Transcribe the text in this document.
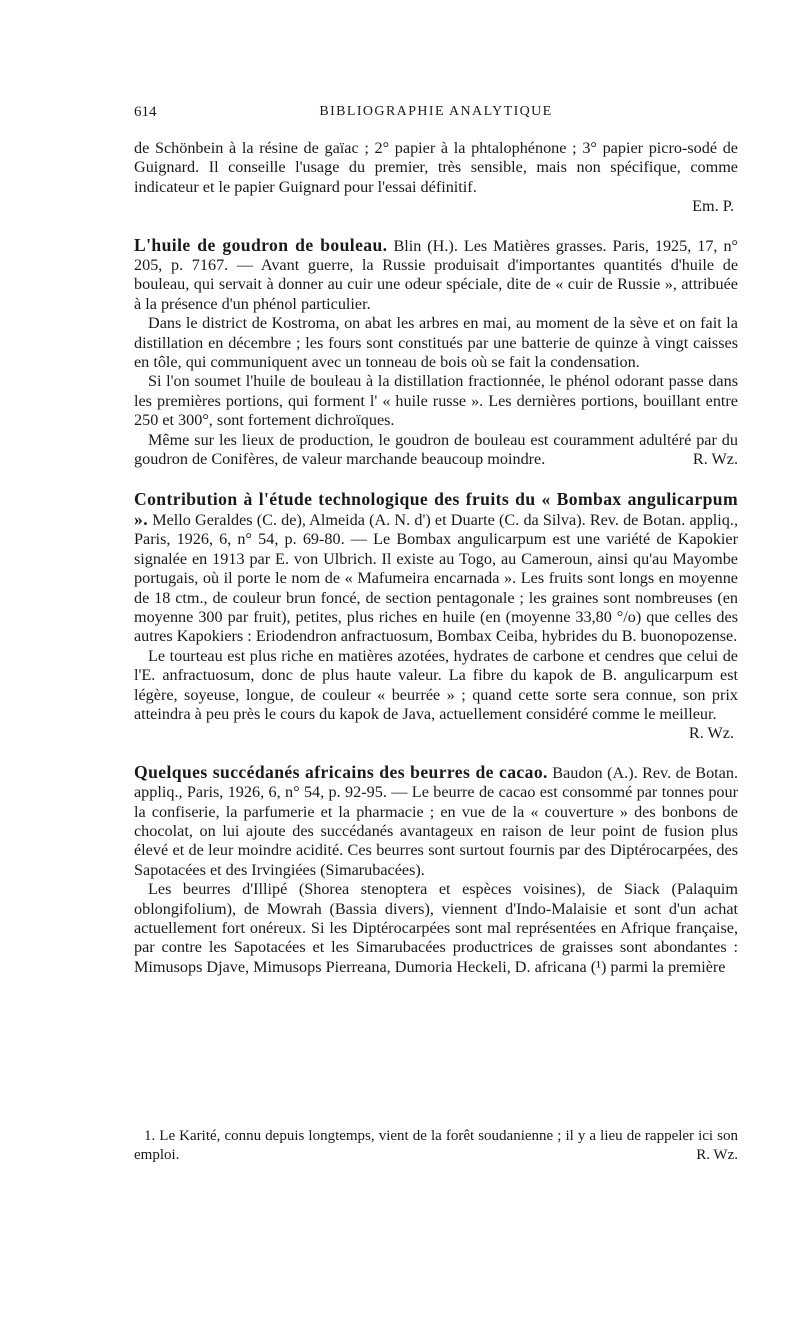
614	BIBLIOGRAPHIE ANALYTIQUE

de Schönbein à la résine de gaïac ; 2° papier à la phtalophénone ; 3° papier picro-sodé de Guignard. Il conseille l'usage du premier, très sensible, mais non spécifique, comme indicateur et le papier Guignard pour l'essai définitif.

Em. P.

L'huile de goudron de bouleau. Blin (H.). Les Matières grasses. Paris, 1925, 17, n° 205, p. 7167. — Avant guerre, la Russie produisait d'importantes quantités d'huile de bouleau, qui servait à donner au cuir une odeur spéciale, dite de « cuir de Russie », attribuée à la présence d'un phénol particulier.

Dans le district de Kostroma, on abat les arbres en mai, au moment de la sève et on fait la distillation en décembre ; les fours sont constitués par une batterie de quinze à vingt caisses en tôle, qui communiquent avec un tonneau de bois où se fait la condensation.

Si l'on soumet l'huile de bouleau à la distillation fractionnée, le phénol odorant passe dans les premières portions, qui forment l' « huile russe ». Les dernières portions, bouillant entre 250 et 300°, sont fortement dichroïques.

Même sur les lieux de production, le goudron de bouleau est couramment adultéré par du goudron de Conifères, de valeur marchande beaucoup moindre.	R. Wz.

Contribution à l'étude technologique des fruits du « Bombax angulicarpum ». Mello Geraldes (C. de), Almeida (A. N. d') et Duarte (C. da Silva). Rev. de Botan. appliq., Paris, 1926, 6, n° 54, p. 69-80. — Le Bombax angulicarpum est une variété de Kapokier signalée en 1913 par E. von Ulbrich. Il existe au Togo, au Cameroun, ainsi qu'au Mayombe portugais, où il porte le nom de « Mafumeira encarnada ». Les fruits sont longs en moyenne de 18 ctm., de couleur brun foncé, de section pentagonale ; les graines sont nombreuses (en moyenne 300 par fruit), petites, plus riches en huile (en (moyenne 33,80 °/o) que celles des autres Kapokiers : Eriodendron anfractuosum, Bombax Ceiba, hybrides du B. buonopozense.

Le tourteau est plus riche en matières azotées, hydrates de carbone et cendres que celui de l'E. anfractuosum, donc de plus haute valeur. La fibre du kapok de B. angulicarpum est légère, soyeuse, longue, de couleur « beurrée » ; quand cette sorte sera connue, son prix atteindra à peu près le cours du kapok de Java, actuellement considéré comme le meilleur.

R. Wz.

Quelques succédanés africains des beurres de cacao. Baudon (A.). Rev. de Botan. appliq., Paris, 1926, 6, n° 54, p. 92-95. — Le beurre de cacao est consommé par tonnes pour la confiserie, la parfumerie et la pharmacie ; en vue de la « couverture » des bonbons de chocolat, on lui ajoute des succédanés avantageux en raison de leur point de fusion plus élevé et de leur moindre acidité. Ces beurres sont surtout fournis par des Diptérocarpées, des Sapotacées et des Irvingiées (Simarubacées).

Les beurres d'Illipé (Shorea stenoptera et espèces voisines), de Siack (Palaquim oblongifolium), de Mowrah (Bassia divers), viennent d'Indo-Malaisie et sont d'un achat actuellement fort onéreux. Si les Diptérocarpées sont mal représentées en Afrique française, par contre les Sapotacées et les Simarubacées productrices de graisses sont abondantes : Mimusops Djave, Mimusops Pierreana, Dumoria Heckeli, D. africana (¹) parmi la première

1. Le Karité, connu depuis longtemps, vient de la forêt soudanienne ; il y a lieu de rappeler ici son emploi.	R. Wz.
